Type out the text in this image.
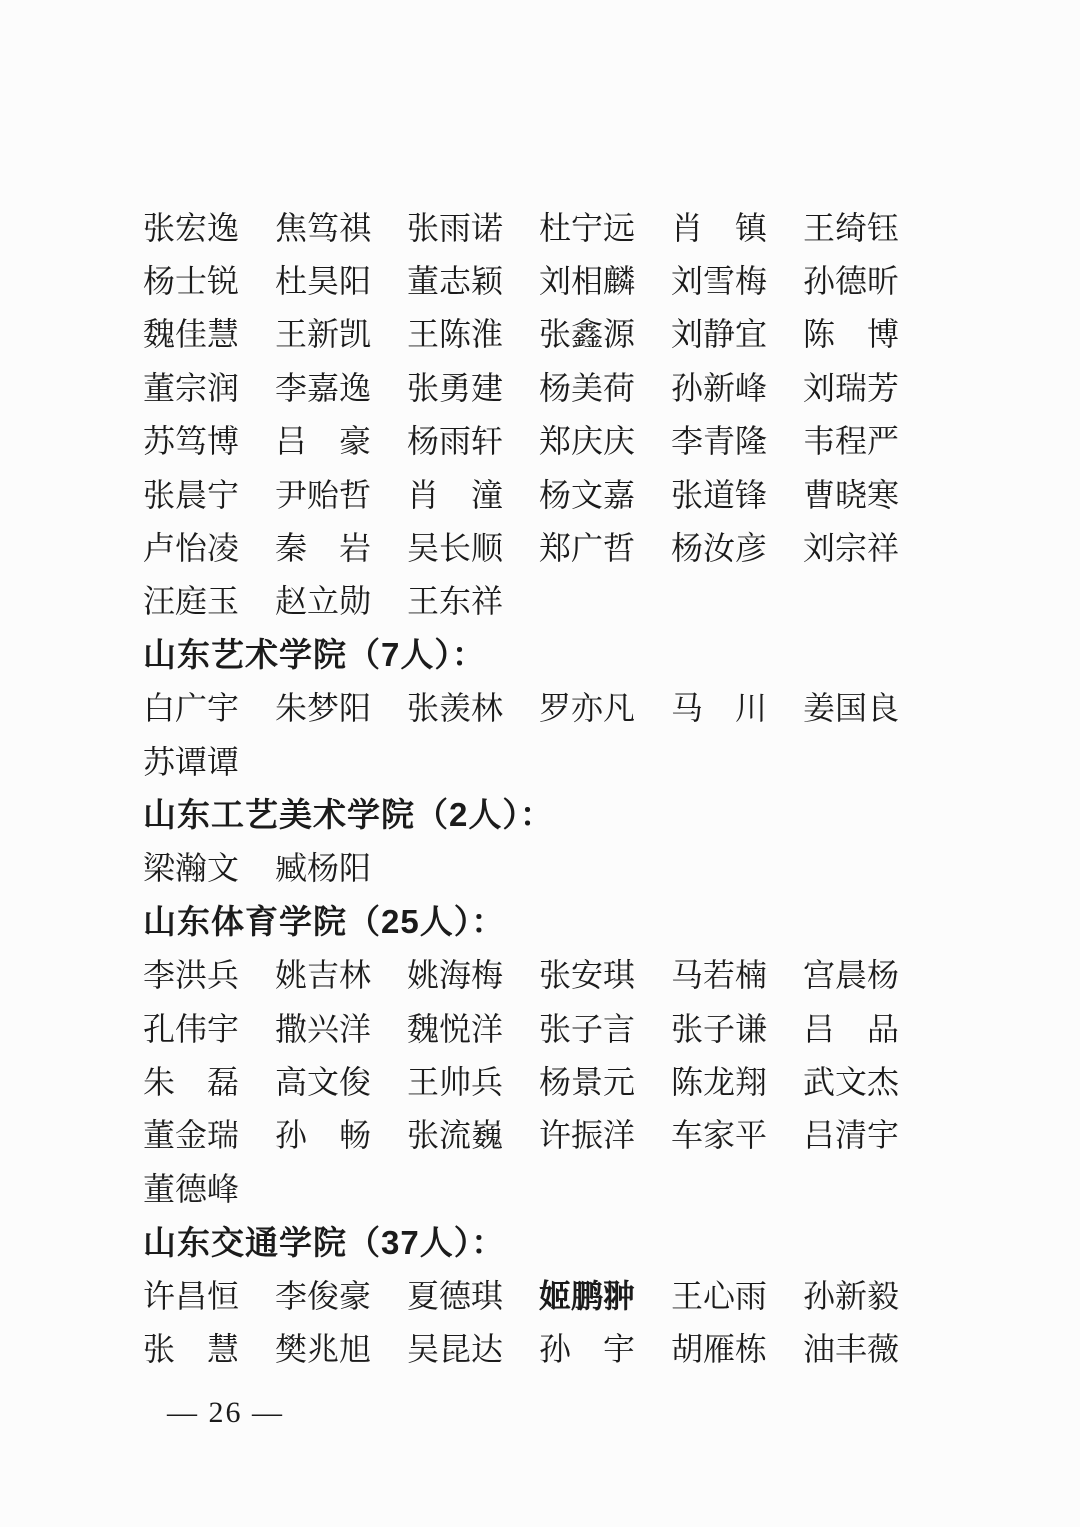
张宏逸 焦笃祺 张雨诺 杜宁远 肖　镇 王绮钰
杨士锐 杜昊阳 董志颖 刘相麟 刘雪梅 孙德昕
魏佳慧 王新凯 王陈淮 张鑫源 刘静宜 陈　博
董宗润 李嘉逸 张勇建 杨美荷 孙新峰 刘瑞芳
苏笃博 吕　豪 杨雨轩 郑庆庆 李青隆 韦程严
张晨宁 尹贻哲 肖　潼 杨文嘉 张道锋 曹晓寒
卢怡凌 秦　岩 吴长顺 郑广哲 杨汝彦 刘宗祥
汪庭玉 赵立勋 王东祥
山东艺术学院（7人）：
白广宇 朱梦阳 张羡林 罗亦凡 马　川 姜国良
苏谭谭
山东工艺美术学院（2人）：
梁瀚文 臧杨阳
山东体育学院（25人）：
李洪兵 姚吉林 姚海梅 张安琪 马若楠 宫晨杨
孔伟宇 撒兴洋 魏悦洋 张子言 张子谦 吕　品
朱　磊 高文俊 王帅兵 杨景元 陈龙翔 武文杰
董金瑞 孙　畅 张流巍 许振洋 车家平 吕清宇
董德峰
山东交通学院（37人）：
许昌恒 李俊豪 夏德琪 姬鹏翀 王心雨 孙新毅
张　慧 樊兆旭 吴昆达 孙　宇 胡雁栋 油丰薇
— 26 —
